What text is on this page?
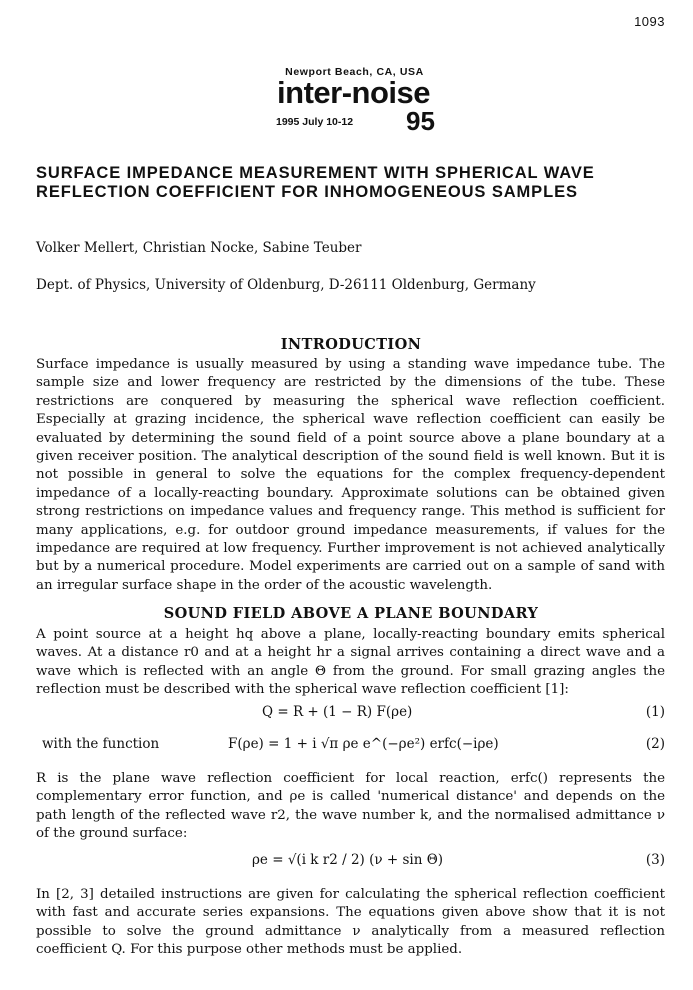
1093
Newport Beach, CA, USA
inter-noise
1995 July 10-12 95
SURFACE IMPEDANCE MEASUREMENT WITH SPHERICAL WAVE REFLECTION COEFFICIENT FOR INHOMOGENEOUS SAMPLES
Volker Mellert, Christian Nocke, Sabine Teuber
Dept. of Physics, University of Oldenburg, D-26111 Oldenburg, Germany
INTRODUCTION

Surface impedance is usually measured by using a standing wave impedance tube. The sample size and lower frequency are restricted by the dimensions of the tube. These restrictions are conquered by measuring the spherical wave reflection coefficient. Especially at grazing incidence, the spherical wave reflection coefficient can easily be evaluated by determining the sound field of a point source above a plane boundary at a given receiver position. The analytical description of the sound field is well known. But it is not possible in general to solve the equations for the complex frequency-dependent impedance of a locally-reacting boundary. Approximate solutions can be obtained given strong restrictions on impedance values and frequency range. This method is sufficient for many applications, e.g. for outdoor ground impedance measurements, if values for the impedance are required at low frequency. Further improvement is not achieved analytically but by a numerical procedure. Model experiments are carried out on a sample of sand with an irregular surface shape in the order of the acoustic wavelength.

SOUND FIELD ABOVE A PLANE BOUNDARY

A point source at a height hq above a plane, locally-reacting boundary emits spherical waves. At a distance r0 and at a height hr a signal arrives containing a direct wave and a wave which is reflected with an angle Θ from the ground. For small grazing angles the reflection must be described with the spherical wave reflection coefficient [1]:

Q = R + (1 − R) F(ρe)	(1)
with the function	F(ρe) = 1 + i √π ρe e^(−ρe²) erfc(−iρe)	(2)

R is the plane wave reflection coefficient for local reaction, erfc() represents the complementary error function, and ρe is called 'numerical distance' and depends on the path length of the reflected wave r2, the wave number k, and the normalised admittance ν of the ground surface:

ρe = √(i k r2 / 2) (ν + sin Θ)	(3)

In [2, 3] detailed instructions are given for calculating the spherical reflection coefficient with fast and accurate series expansions. The equations given above show that it is not possible to solve the ground admittance ν analytically from a measured reflection coefficient Q. For this purpose other methods must be applied.
